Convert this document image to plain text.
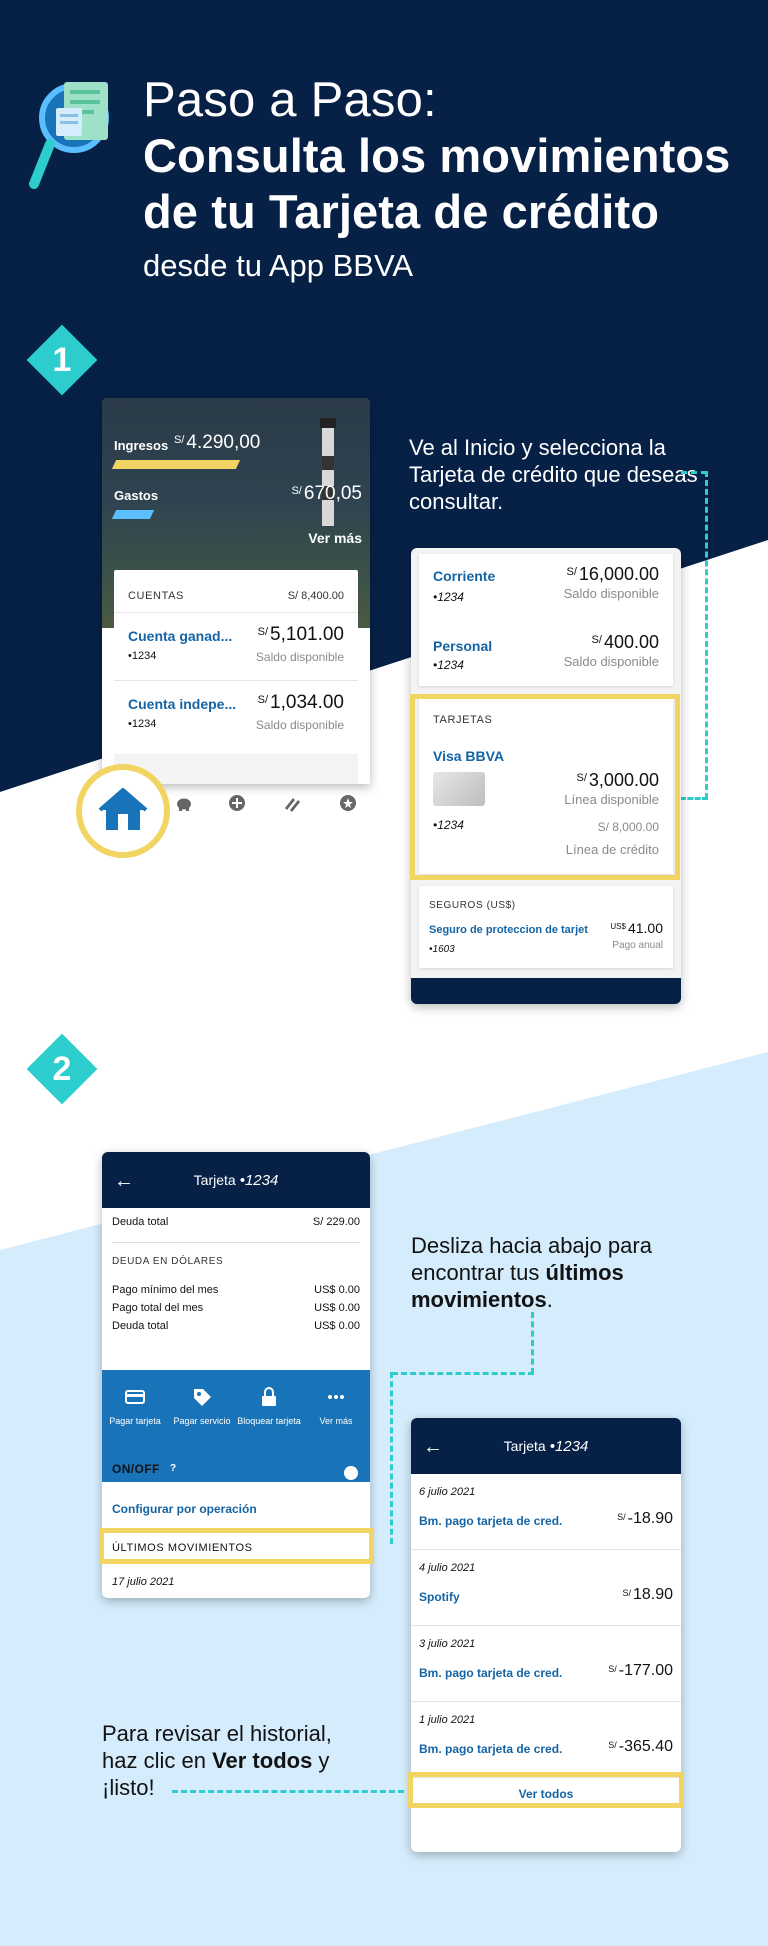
Paso a Paso:
Consulta los movimientos
de tu Tarjeta de crédito
desde tu App BBVA
1
Ve al Inicio y selecciona la Tarjeta de crédito que deseas consultar.
Ingresos $^{S/}$ 4.290,00
Gastos	$^{S/}$ 670,05
Ver más
CUENTAS	S/ 8,400.00
Cuenta ganad...
•1234
$^{S/}$ 5,101.00
Saldo disponible
Cuenta indepe...
•1234
$^{S/}$ 1,034.00
Saldo disponible
Corriente
•1234
$^{S/}$ 16,000.00
Saldo disponible
Personal
•1234
$^{S/}$ 400.00
Saldo disponible
TARJETAS
Visa BBVA
•1234
$^{S/}$ 3,000.00
Línea disponible
S/ 8,000.00
Línea de crédito
SEGUROS (US$)
Seguro de proteccion de tarjet
•1603
$^{US\$}$ 41.00
Pago anual
2
Desliza hacia abajo para encontrar tus últimos movimientos.
←	Tarjeta •1234
Deuda total	S/ 229.00
DEUDA EN DÓLARES
Pago mínimo del mes	US$ 0.00
Pago total del mes	US$ 0.00
Deuda total	US$ 0.00
Pagar tarjeta	Pagar servicio Bloquear tarjeta	Ver más
ON/OFF	?
Configurar por operación
ÚLTIMOS MOVIMIENTOS
17 julio 2021
←	Tarjeta •1234
6 julio 2021
Bm. pago tarjeta de cred.	$^{S/}$ -18.90
4 julio 2021
Spotify	$^{S/}$ 18.90
3 julio 2021
Bm. pago tarjeta de cred.	$^{S/}$ -177.00
1 julio 2021
Bm. pago tarjeta de cred.	$^{S/}$ -365.40
Ver todos
Para revisar el historial, haz clic en Ver todos y ¡listo!
